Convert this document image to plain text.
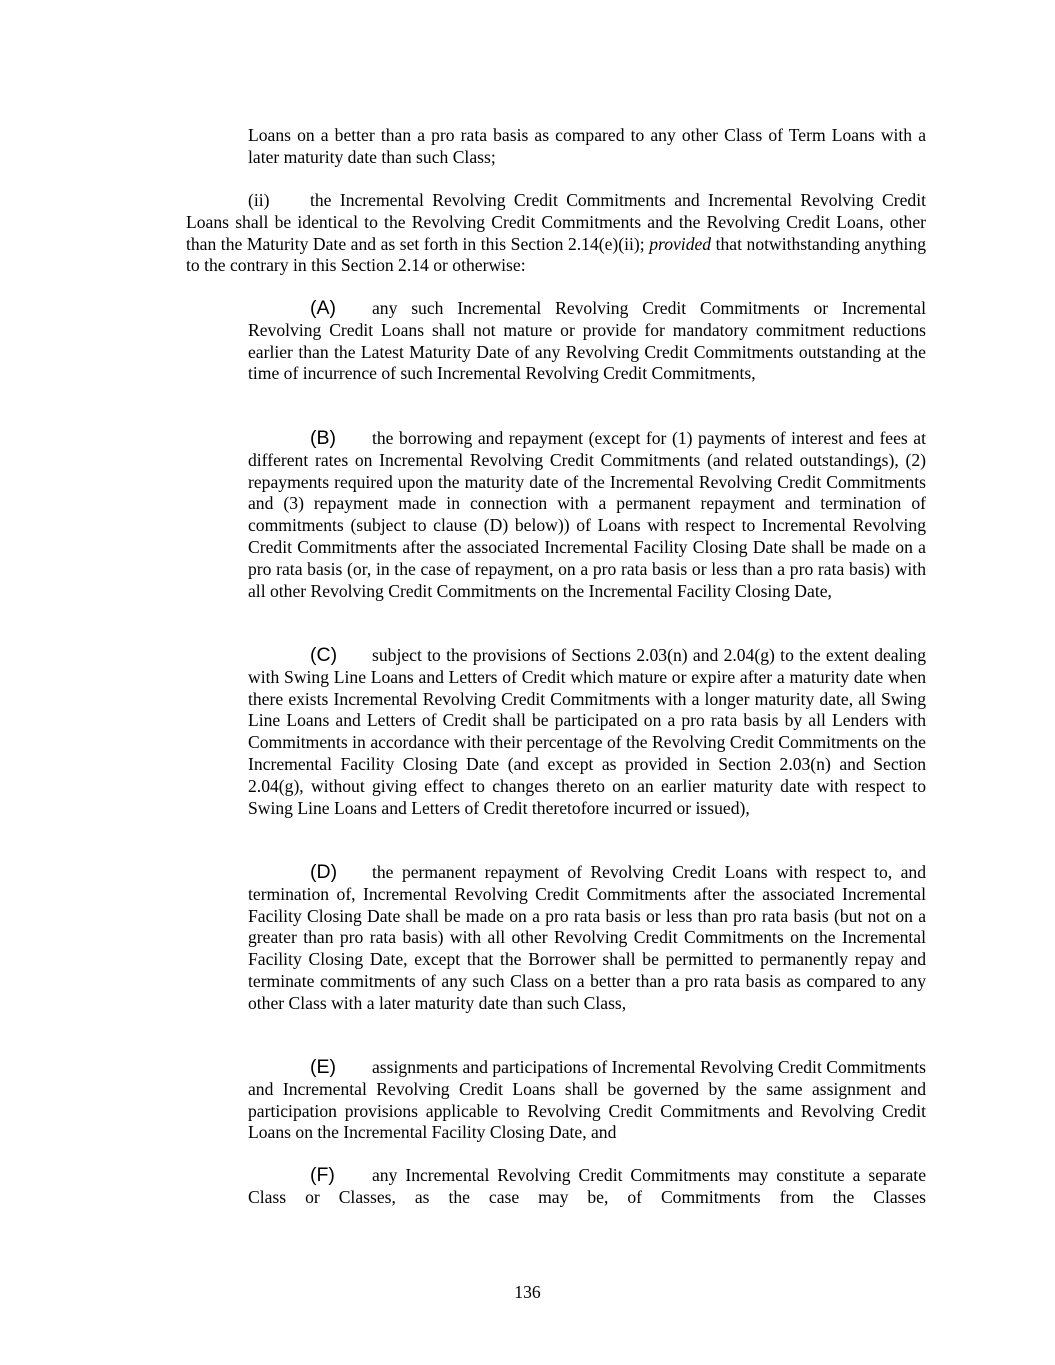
Loans on a better than a pro rata basis as compared to any other Class of Term Loans with a later maturity date than such Class;

(ii) the Incremental Revolving Credit Commitments and Incremental Revolving Credit Loans shall be identical to the Revolving Credit Commitments and the Revolving Credit Loans, other than the Maturity Date and as set forth in this Section 2.14(e)(ii); provided that notwithstanding anything to the contrary in this Section 2.14 or otherwise:

(A) any such Incremental Revolving Credit Commitments or Incremental Revolving Credit Loans shall not mature or provide for mandatory commitment reductions earlier than the Latest Maturity Date of any Revolving Credit Commitments outstanding at the time of incurrence of such Incremental Revolving Credit Commitments,

(B) the borrowing and repayment (except for (1) payments of interest and fees at different rates on Incremental Revolving Credit Commitments (and related outstandings), (2) repayments required upon the maturity date of the Incremental Revolving Credit Commitments and (3) repayment made in connection with a permanent repayment and termination of commitments (subject to clause (D) below)) of Loans with respect to Incremental Revolving Credit Commitments after the associated Incremental Facility Closing Date shall be made on a pro rata basis (or, in the case of repayment, on a pro rata basis or less than a pro rata basis) with all other Revolving Credit Commitments on the Incremental Facility Closing Date,

(C) subject to the provisions of Sections 2.03(n) and 2.04(g) to the extent dealing with Swing Line Loans and Letters of Credit which mature or expire after a maturity date when there exists Incremental Revolving Credit Commitments with a longer maturity date, all Swing Line Loans and Letters of Credit shall be participated on a pro rata basis by all Lenders with Commitments in accordance with their percentage of the Revolving Credit Commitments on the Incremental Facility Closing Date (and except as provided in Section 2.03(n) and Section 2.04(g), without giving effect to changes thereto on an earlier maturity date with respect to Swing Line Loans and Letters of Credit theretofore incurred or issued),

(D) the permanent repayment of Revolving Credit Loans with respect to, and termination of, Incremental Revolving Credit Commitments after the associated Incremental Facility Closing Date shall be made on a pro rata basis or less than pro rata basis (but not on a greater than pro rata basis) with all other Revolving Credit Commitments on the Incremental Facility Closing Date, except that the Borrower shall be permitted to permanently repay and terminate commitments of any such Class on a better than a pro rata basis as compared to any other Class with a later maturity date than such Class,

(E) assignments and participations of Incremental Revolving Credit Commitments and Incremental Revolving Credit Loans shall be governed by the same assignment and participation provisions applicable to Revolving Credit Commitments and Revolving Credit Loans on the Incremental Facility Closing Date, and

(F) any Incremental Revolving Credit Commitments may constitute a separate Class or Classes, as the case may be, of Commitments from the Classes

136
